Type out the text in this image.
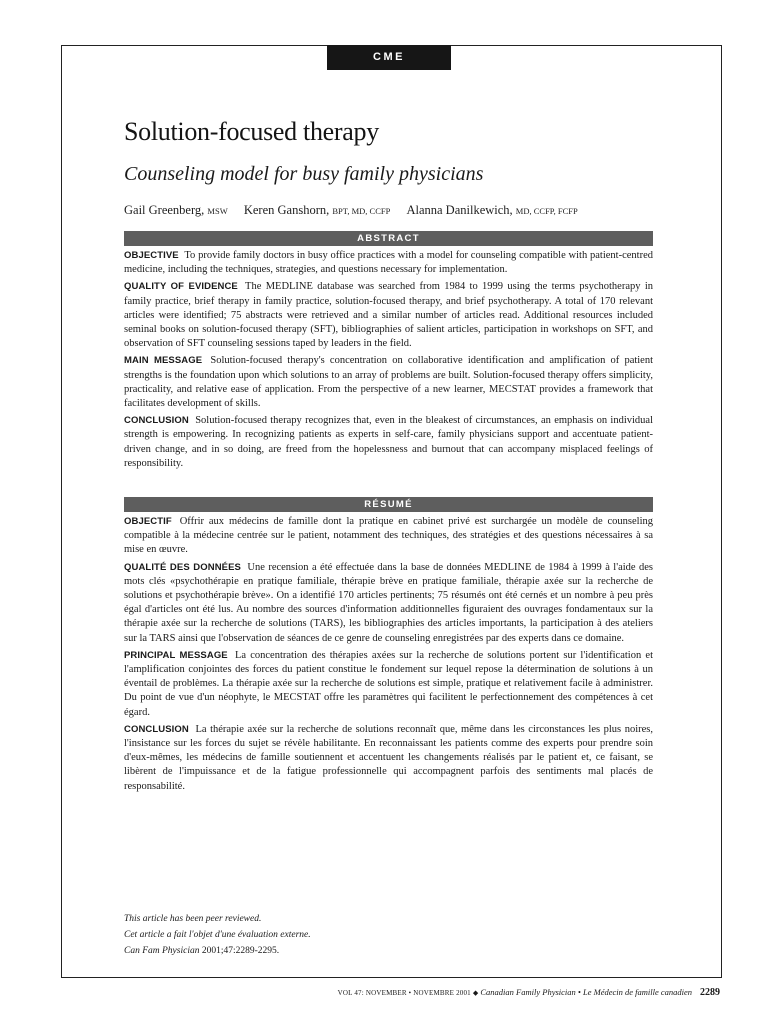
CME
Solution-focused therapy
Counseling model for busy family physicians
Gail Greenberg, MSW Keren Ganshorn, BPT, MD, CCFP Alanna Danilkewich, MD, CCFP, FCFP
ABSTRACT

OBJECTIVE To provide family doctors in busy office practices with a model for counseling compatible with patient-centred medicine, including the techniques, strategies, and questions necessary for implementation.

QUALITY OF EVIDENCE The MEDLINE database was searched from 1984 to 1999 using the terms psychotherapy in family practice, brief therapy in family practice, solution-focused therapy, and brief psychotherapy. A total of 170 relevant articles were identified; 75 abstracts were retrieved and a similar number of articles read. Additional resources included seminal books on solution-focused therapy (SFT), bibliographies of salient articles, participation in workshops on SFT, and observation of SFT counseling sessions taped by leaders in the field.

MAIN MESSAGE Solution-focused therapy's concentration on collaborative identification and amplification of patient strengths is the foundation upon which solutions to an array of problems are built. Solution-focused therapy offers simplicity, practicality, and relative ease of application. From the perspective of a new learner, MECSTAT provides a framework that facilitates development of skills.

CONCLUSION Solution-focused therapy recognizes that, even in the bleakest of circumstances, an emphasis on individual strength is empowering. In recognizing patients as experts in self-care, family physicians support and accentuate patient-driven change, and in so doing, are freed from the hopelessness and burnout that can accompany misplaced feelings of responsibility.

RÉSUMÉ

OBJECTIF Offrir aux médecins de famille dont la pratique en cabinet privé est surchargée un modèle de counseling compatible à la médecine centrée sur le patient, notamment des techniques, des stratégies et des questions nécessaires à sa mise en œuvre.

QUALITÉ DES DONNÉES Une recension a été effectuée dans la base de données MEDLINE de 1984 à 1999 à l'aide des mots clés «psychothérapie en pratique familiale, thérapie brève en pratique familiale, thérapie axée sur la recherche de solutions et psychothérapie brève». On a identifié 170 articles pertinents; 75 résumés ont été cernés et un nombre à peu près égal d'articles ont été lus. Au nombre des sources d'information additionnelles figuraient des ouvrages fondamentaux sur la thérapie axée sur la recherche de solutions (TARS), les bibliographies des articles importants, la participation à des ateliers sur la TARS ainsi que l'observation de séances de ce genre de counseling enregistrées par des experts dans ce domaine.

PRINCIPAL MESSAGE La concentration des thérapies axées sur la recherche de solutions portent sur l'identification et l'amplification conjointes des forces du patient constitue le fondement sur lequel repose la détermination de solutions à un éventail de problèmes. La thérapie axée sur la recherche de solutions est simple, pratique et relativement facile à administrer. Du point de vue d'un néophyte, le MECSTAT offre les paramètres qui facilitent le perfectionnement des compétences à cet égard.

CONCLUSION La thérapie axée sur la recherche de solutions reconnaît que, même dans les circonstances les plus noires, l'insistance sur les forces du sujet se révèle habilitante. En reconnaissant les patients comme des experts pour prendre soin d'eux-mêmes, les médecins de famille soutiennent et accentuent les changements réalisés par le patient et, ce faisant, se libèrent de l'impuissance et de la fatigue professionnelle qui accompagnent parfois des sentiments mal placés de responsabilité.

This article has been peer reviewed.
Cet article a fait l'objet d'une évaluation externe.
Can Fam Physician 2001;47:2289-2295.
VOL 47: NOVEMBER • NOVEMBRE 2001 ◆ Canadian Family Physician • Le Médecin de famille canadien 2289
